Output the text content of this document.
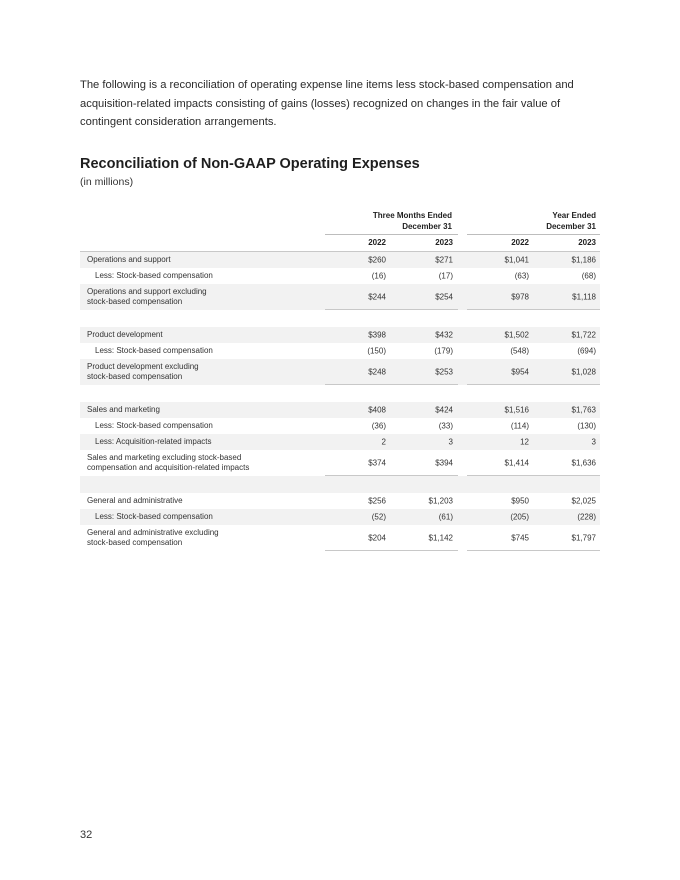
The following is a reconciliation of operating expense line items less stock-based compensation and acquisition-related impacts consisting of gains (losses) recognized on changes in the fair value of contingent consideration arrangements.

Reconciliation of Non-GAAP Operating Expenses

(in millions)

Three Months Ended
December 31
Year Ended
December 31
2022	2023	2022	2023
Operations and support	$260	$271	$1,041	$1,186
Less: Stock-based compensation	(16)	(17)	(63)	(68)
Operations and support excluding
stock-based compensation	$244	$254	$978	$1,118
Product development	$398	$432	$1,502	$1,722
Less: Stock-based compensation	(150)	(179)	(548)	(694)
Product development excluding
stock-based compensation	$248	$253	$954	$1,028
Sales and marketing	$408	$424	$1,516	$1,763
Less: Stock-based compensation	(36)	(33)	(114)	(130)
Less: Acquisition-related impacts	2	3	12	3
Sales and marketing excluding stock-based
compensation and acquisition-related impacts	$374	$394	$1,414	$1,636
General and administrative	$256	$1,203	$950	$2,025
Less: Stock-based compensation	(52)	(61)	(205)	(228)
General and administrative excluding
stock-based compensation	$204	$1,142	$745	$1,797
32
